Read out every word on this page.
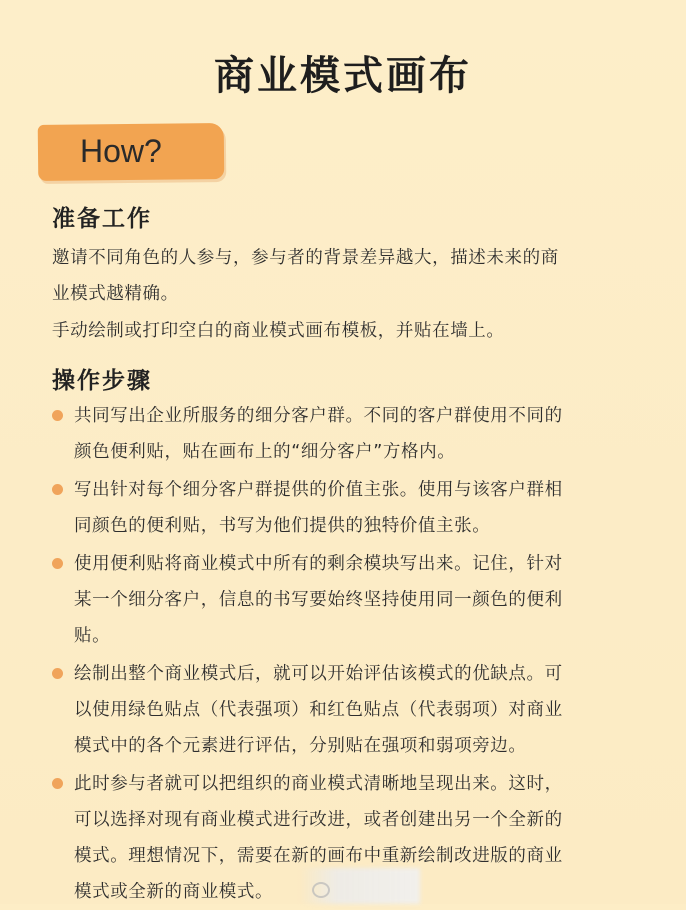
商业模式画布
How?
准备工作
邀请不同角色的人参与，参与者的背景差异越大，描述未来的商
业模式越精确。
手动绘制或打印空白的商业模式画布模板，并贴在墙上。
操作步骤
共同写出企业所服务的细分客户群。不同的客户群使用不同的
颜色便利贴，贴在画布上的“细分客户”方格内。
写出针对每个细分客户群提供的价值主张。使用与该客户群相
同颜色的便利贴，书写为他们提供的独特价值主张。
使用便利贴将商业模式中所有的剩余模块写出来。记住，针对
某一个细分客户，信息的书写要始终坚持使用同一颜色的便利
贴。
绘制出整个商业模式后，就可以开始评估该模式的优缺点。可
以使用绿色贴点（代表强项）和红色贴点（代表弱项）对商业
模式中的各个元素进行评估，分别贴在强项和弱项旁边。
此时参与者就可以把组织的商业模式清晰地呈现出来。这时，
可以选择对现有商业模式进行改进，或者创建出另一个全新的
模式。理想情况下，需要在新的画布中重新绘制改进版的商业
模式或全新的商业模式。
